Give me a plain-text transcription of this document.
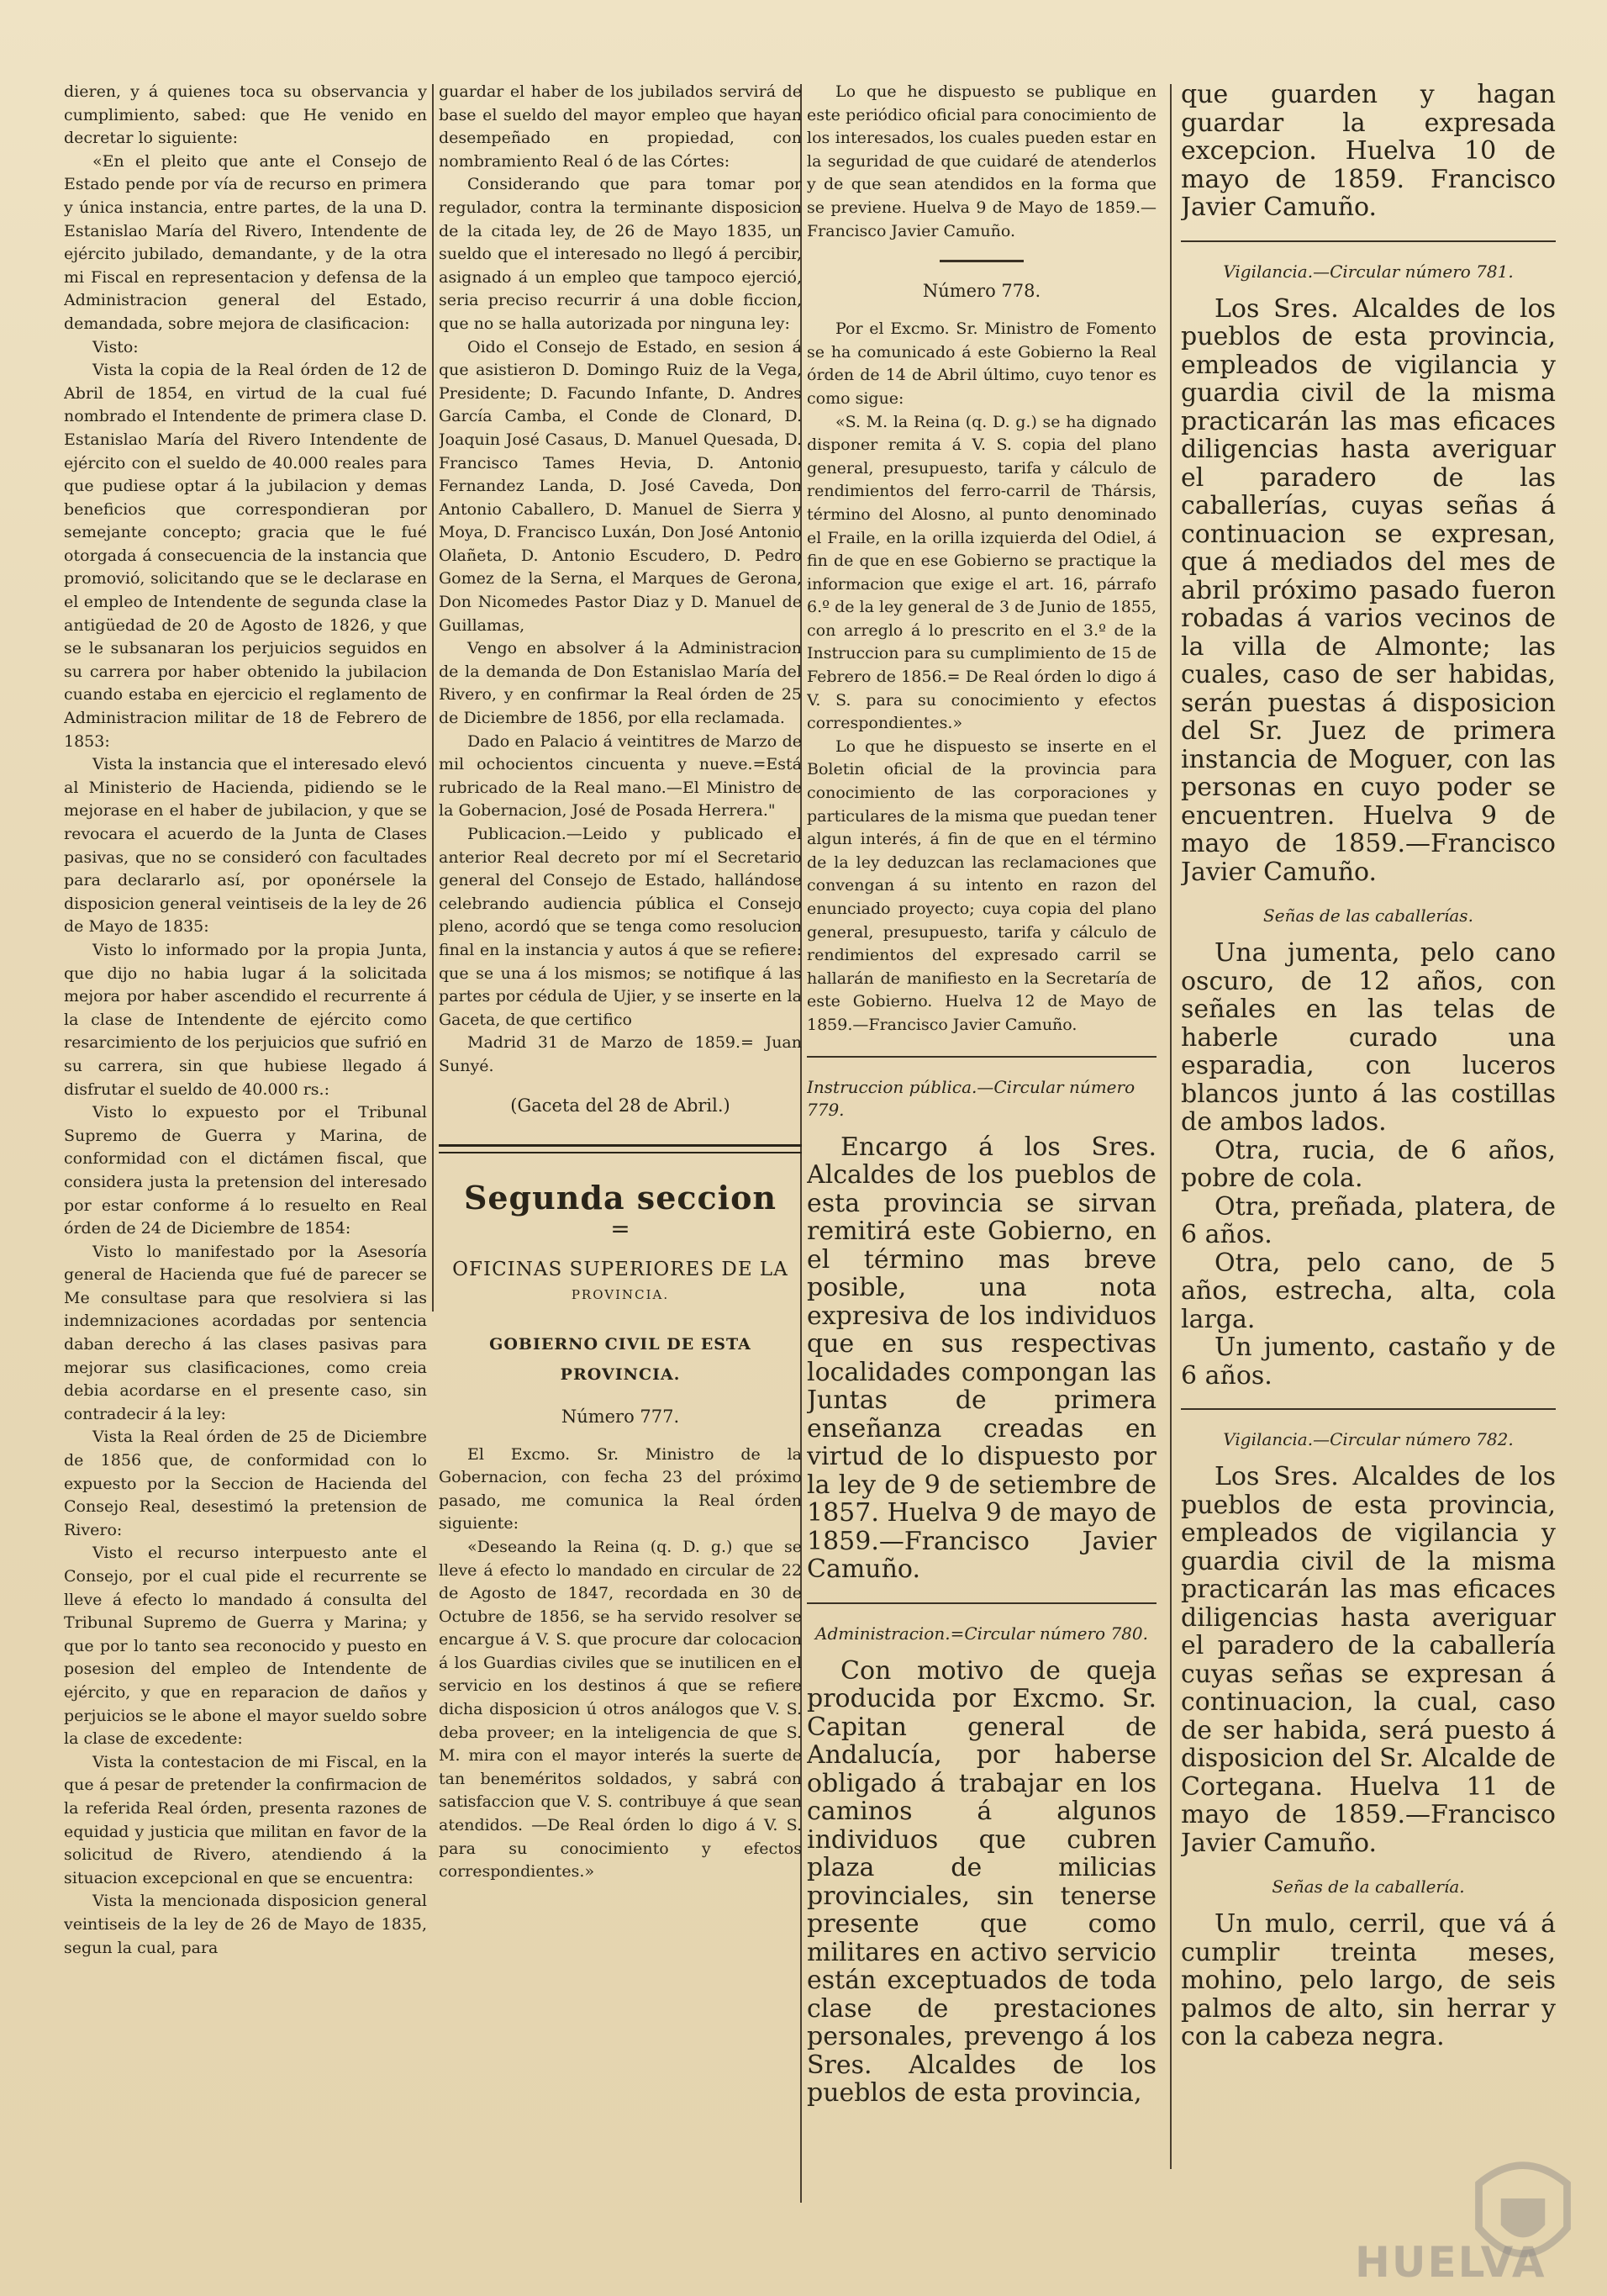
dieren, y á quienes toca su observancia y cumplimiento, sabed: que He venido en decretar lo siguiente:

«En el pleito que ante el Consejo de Estado pende por vía de recurso en primera y única instancia, entre partes, de la una D. Estanislao María del Rivero, Intendente de ejército jubilado, demandante, y de la otra mi Fiscal en representacion y defensa de la Administracion general del Estado, demandada, sobre mejora de clasificacion:

Visto:

Vista la copia de la Real órden de 12 de Abril de 1854, en virtud de la cual fué nombrado el Intendente de primera clase D. Estanislao María del Rivero Intendente de ejército con el sueldo de 40.000 reales para que pudiese optar á la jubilacion y demas beneficios que correspondieran por semejante concepto; gracia que le fué otorgada á consecuencia de la instancia que promovió, solicitando que se le declarase en el empleo de Intendente de segunda clase la antigüedad de 20 de Agosto de 1826, y que se le subsanaran los perjuicios seguidos en su carrera por haber obtenido la jubilacion cuando estaba en ejercicio el reglamento de Administracion militar de 18 de Febrero de 1853:

Vista la instancia que el interesado elevó al Ministerio de Hacienda, pidiendo se le mejorase en el haber de jubilacion, y que se revocara el acuerdo de la Junta de Clases pasivas, que no se consideró con facultades para declararlo así, por oponérsele la disposicion general veintiseis de la ley de 26 de Mayo de 1835:

Visto lo informado por la propia Junta, que dijo no habia lugar á la solicitada mejora por haber ascendido el recurrente á la clase de Intendente de ejército como resarcimiento de los perjuicios que sufrió en su carrera, sin que hubiese llegado á disfrutar el sueldo de 40.000 rs.:

Visto lo expuesto por el Tribunal Supremo de Guerra y Marina, de conformidad con el dictámen fiscal, que considera justa la pretension del interesado por estar conforme á lo resuelto en Real órden de 24 de Diciembre de 1854:

Visto lo manifestado por la Asesoría general de Hacienda que fué de parecer se Me consultase para que resolviera si las indemnizaciones acordadas por sentencia daban derecho á las clases pasivas para mejorar sus clasificaciones, como creia debia acordarse en el presente caso, sin contradecir á la ley:

Vista la Real órden de 25 de Diciembre de 1856 que, de conformidad con lo expuesto por la Seccion de Hacienda del Consejo Real, desestimó la pretension de Rivero:

Visto el recurso interpuesto ante el Consejo, por el cual pide el recurrente se lleve á efecto lo mandado á consulta del Tribunal Supremo de Guerra y Marina; y que por lo tanto sea reconocido y puesto en posesion del empleo de Intendente de ejército, y que en reparacion de daños y perjuicios se le abone el mayor sueldo sobre la clase de excedente:

Vista la contestacion de mi Fiscal, en la que á pesar de pretender la confirmacion de la referida Real órden, presenta razones de equidad y justicia que militan en favor de la solicitud de Rivero, atendiendo á la situacion excepcional en que se encuentra:

Vista la mencionada disposicion general veintiseis de la ley de 26 de Mayo de 1835, segun la cual, para

guardar el haber de los jubilados servirá de base el sueldo del mayor empleo que hayan desempeñado en propiedad, con nombramiento Real ó de las Córtes:

Considerando que para tomar por regulador, contra la terminante disposicion de la citada ley, de 26 de Mayo 1835, un sueldo que el interesado no llegó á percibir, asignado á un empleo que tampoco ejerció, seria preciso recurrir á una doble ficcion, que no se halla autorizada por ninguna ley:

Oido el Consejo de Estado, en sesion á que asistieron D. Domingo Ruiz de la Vega, Presidente; D. Facundo Infante, D. Andres García Camba, el Conde de Clonard, D. Joaquin José Casaus, D. Manuel Quesada, D. Francisco Tames Hevia, D. Antonio Fernandez Landa, D. José Caveda, Don Antonio Caballero, D. Manuel de Sierra y Moya, D. Francisco Luxán, Don José Antonio Olañeta, D. Antonio Escudero, D. Pedro Gomez de la Serna, el Marques de Gerona, Don Nicomedes Pastor Diaz y D. Manuel de Guillamas,

Vengo en absolver á la Administracion de la demanda de Don Estanislao María del Rivero, y en confirmar la Real órden de 25 de Diciembre de 1856, por ella reclamada.

Dado en Palacio á veintitres de Marzo de mil ochocientos cincuenta y nueve.=Está rubricado de la Real mano.—El Ministro de la Gobernacion, José de Posada Herrera."

Publicacion.—Leido y publicado el anterior Real decreto por mí el Secretario general del Consejo de Estado, hallándose celebrando audiencia pública el Consejo pleno, acordó que se tenga como resolucion final en la instancia y autos á que se refiere: que se una á los mismos; se notifique á las partes por cédula de Ujier, y se inserte en la Gaceta, de que certifico

Madrid 31 de Marzo de 1859.= Juan Sunyé.

(Gaceta del 28 de Abril.)
Segunda seccion
=
OFICINAS SUPERIORES DE LA
PROVINCIA.
GOBIERNO CIVIL DE ESTA PROVINCIA.
Número 777.

El Excmo. Sr. Ministro de la Gobernacion, con fecha 23 del próximo pasado, me comunica la Real órden siguiente:

«Deseando la Reina (q. D. g.) que se lleve á efecto lo mandado en circular de 22 de Agosto de 1847, recordada en 30 de Octubre de 1856, se ha servido resolver se encargue á V. S. que procure dar colocacion á los Guardias civiles que se inutilicen en el servicio en los destinos á que se refiere dicha disposicion ú otros análogos que V. S. deba proveer; en la inteligencia de que S. M. mira con el mayor interés la suerte de tan beneméritos soldados, y sabrá con satisfaccion que V. S. contribuye á que sean atendidos. —De Real órden lo digo á V. S. para su conocimiento y efectos correspondientes.»

Lo que he dispuesto se publique en este periódico oficial para conocimiento de los interesados, los cuales pueden estar en la seguridad de que cuidaré de atenderlos y de que sean atendidos en la forma que se previene. Huelva 9 de Mayo de 1859.—Francisco Javier Camuño.

Número 778.

Por el Excmo. Sr. Ministro de Fomento se ha comunicado á este Gobierno la Real órden de 14 de Abril último, cuyo tenor es como sigue:

«S. M. la Reina (q. D. g.) se ha dignado disponer remita á V. S. copia del plano general, presupuesto, tarifa y cálculo de rendimientos del ferro-carril de Thársis, término del Alosno, al punto denominado el Fraile, en la orilla izquierda del Odiel, á fin de que en ese Gobierno se practique la informacion que exige el art. 16, párrafo 6.º de la ley general de 3 de Junio de 1855, con arreglo á lo prescrito en el 3.º de la Instruccion para su cumplimiento de 15 de Febrero de 1856.= De Real órden lo digo á V. S. para su conocimiento y efectos correspondientes.»

Lo que he dispuesto se inserte en el Boletin oficial de la provincia para conocimiento de las corporaciones y particulares de la misma que puedan tener algun interés, á fin de que en el término de la ley deduzcan las reclamaciones que convengan á su intento en razon del enunciado proyecto; cuya copia del plano general, presupuesto, tarifa y cálculo de rendimientos del expresado carril se hallarán de manifiesto en la Secretaría de este Gobierno. Huelva 12 de Mayo de 1859.—Francisco Javier Camuño.

Instruccion pública.—Circular número 779.

Encargo á los Sres. Alcaldes de los pueblos de esta provincia se sirvan remitirá este Gobierno, en el término mas breve posible, una nota expresiva de los individuos que en sus respectivas localidades compongan las Juntas de primera enseñanza creadas en virtud de lo dispuesto por la ley de 9 de setiembre de 1857. Huelva 9 de mayo de 1859.—Francisco Javier Camuño.

Administracion.=Circular número 780.

Con motivo de queja producida por Excmo. Sr. Capitan general de Andalucía, por haberse obligado á trabajar en los caminos á algunos individuos que cubren plaza de milicias provinciales, sin tenerse presente que como militares en activo servicio están exceptuados de toda clase de prestaciones personales, prevengo á los Sres. Alcaldes de los pueblos de esta provincia,

que guarden y hagan guardar la expresada excepcion. Huelva 10 de mayo de 1859. Francisco Javier Camuño.

Vigilancia.—Circular número 781.

Los Sres. Alcaldes de los pueblos de esta provincia, empleados de vigilancia y guardia civil de la misma practicarán las mas eficaces diligencias hasta averiguar el paradero de las caballerías, cuyas señas á continuacion se expresan, que á mediados del mes de abril próximo pasado fueron robadas á varios vecinos de la villa de Almonte; las cuales, caso de ser habidas, serán puestas á disposicion del Sr. Juez de primera instancia de Moguer, con las personas en cuyo poder se encuentren. Huelva 9 de mayo de 1859.—Francisco Javier Camuño.

Señas de las caballerías.

Una jumenta, pelo cano oscuro, de 12 años, con señales en las telas de haberle curado una esparadia, con luceros blancos junto á las costillas de ambos lados.

Otra, rucia, de 6 años, pobre de cola.

Otra, preñada, platera, de 6 años.

Otra, pelo cano, de 5 años, estrecha, alta, cola larga.

Un jumento, castaño y de 6 años.

Vigilancia.—Circular número 782.

Los Sres. Alcaldes de los pueblos de esta provincia, empleados de vigilancia y guardia civil de la misma practicarán las mas eficaces diligencias hasta averiguar el paradero de la caballería cuyas señas se expresan á continuacion, la cual, caso de ser habida, será puesto á disposicion del Sr. Alcalde de Cortegana. Huelva 11 de mayo de 1859.—Francisco Javier Camuño.

Señas de la caballería.

Un mulo, cerril, que vá á cumplir treinta meses, mohino, pelo largo, de seis palmos de alto, sin herrar y con la cabeza negra.

HUELVA
